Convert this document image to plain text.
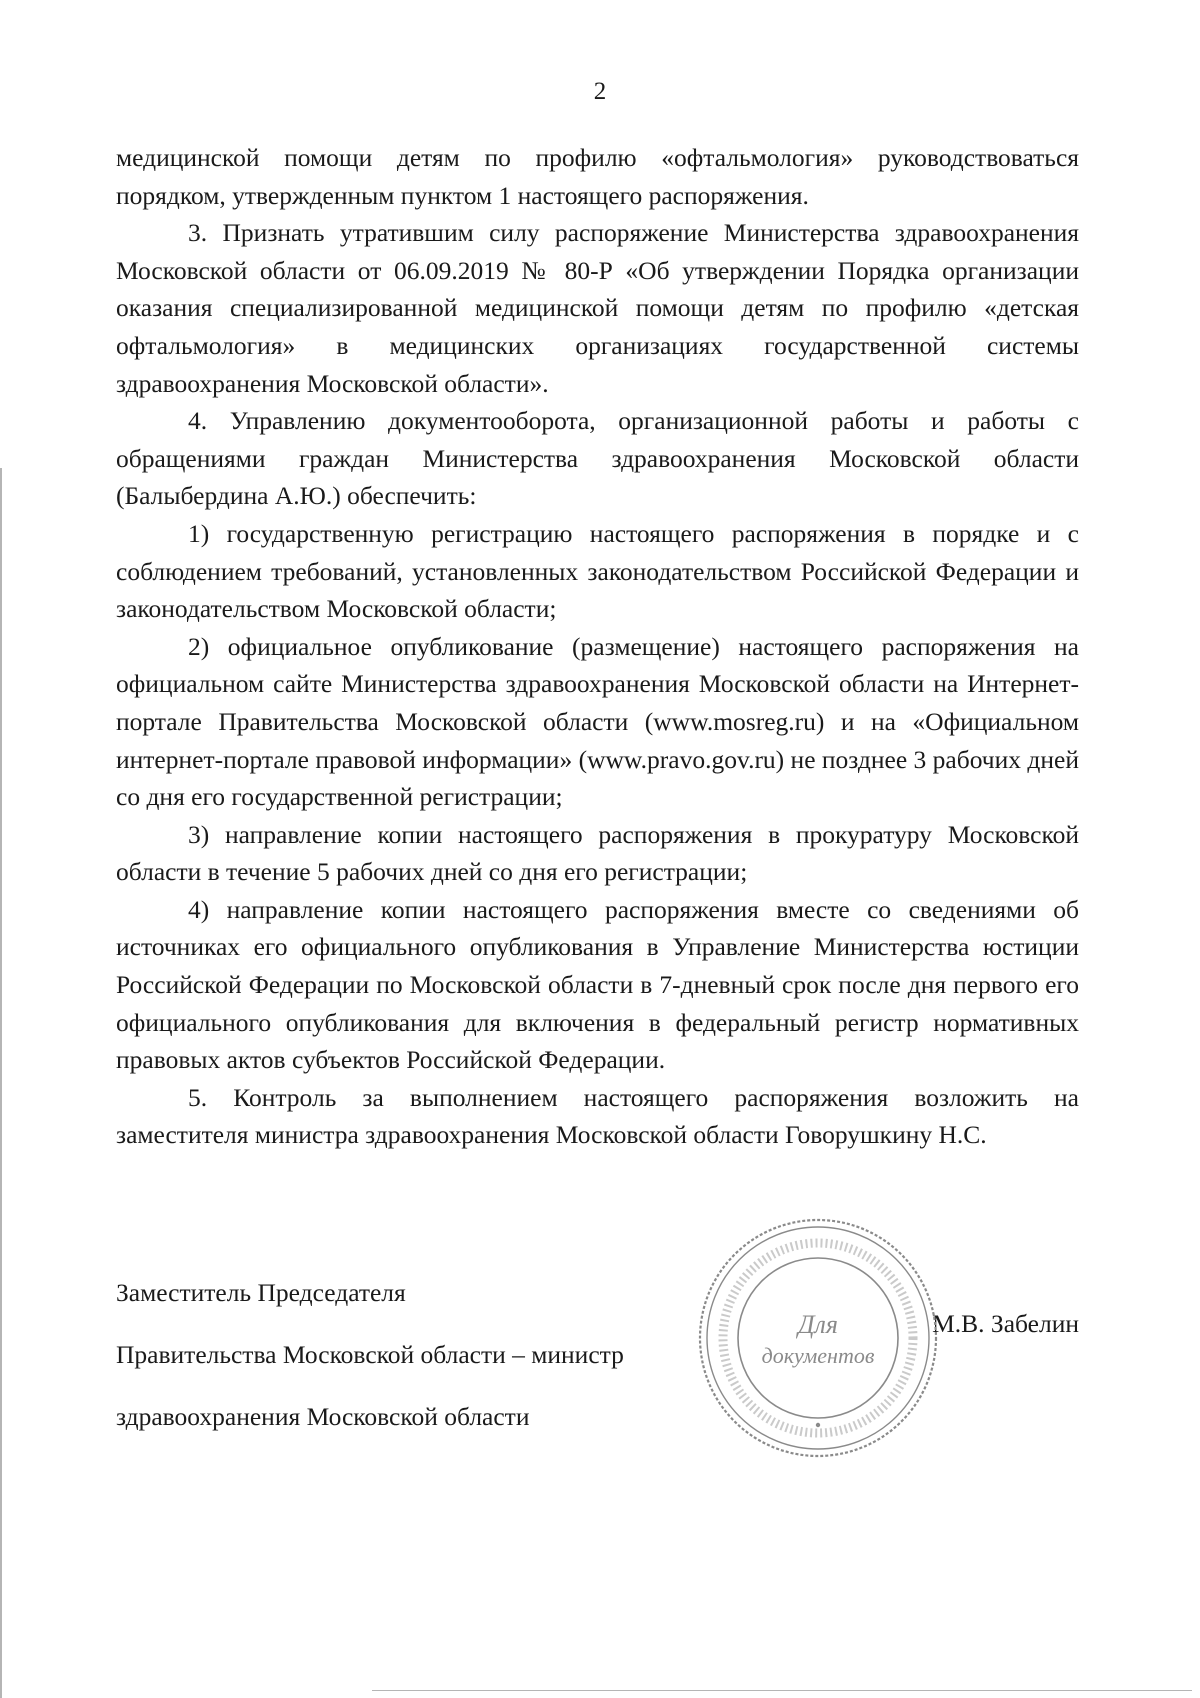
2

медицинской помощи детям по профилю «офтальмология» руководствоваться порядком, утвержденным пунктом 1 настоящего распоряжения.

3. Признать утратившим силу распоряжение Министерства здравоохранения Московской области от 06.09.2019 № 80-Р «Об утверждении Порядка организации оказания специализированной медицинской помощи детям по профилю «детская офтальмология» в медицинских организациях государственной системы здравоохранения Московской области».

4. Управлению документооборота, организационной работы и работы с обращениями граждан Министерства здравоохранения Московской области (Балыбердина А.Ю.) обеспечить:

1) государственную регистрацию настоящего распоряжения в порядке и с соблюдением требований, установленных законодательством Российской Федерации и законодательством Московской области;

2) официальное опубликование (размещение) настоящего распоряжения на официальном сайте Министерства здравоохранения Московской области на Интернет-портале Правительства Московской области (www.mosreg.ru) и на «Официальном интернет-портале правовой информации» (www.pravo.gov.ru) не позднее 3 рабочих дней со дня его государственной регистрации;

3) направление копии настоящего распоряжения в прокуратуру Московской области в течение 5 рабочих дней со дня его регистрации;

4) направление копии настоящего распоряжения вместе со сведениями об источниках его официального опубликования в Управление Министерства юстиции Российской Федерации по Московской области в 7-дневный срок после дня первого его официального опубликования для включения в федеральный регистр нормативных правовых актов субъектов Российской Федерации.

5. Контроль за выполнением настоящего распоряжения возложить на заместителя министра здравоохранения Московской области Говорушкину Н.С.

Заместитель Председателя

Правительства Московской области – министр

здравоохранения Московской области

М.В. Забелин
Для
документов
